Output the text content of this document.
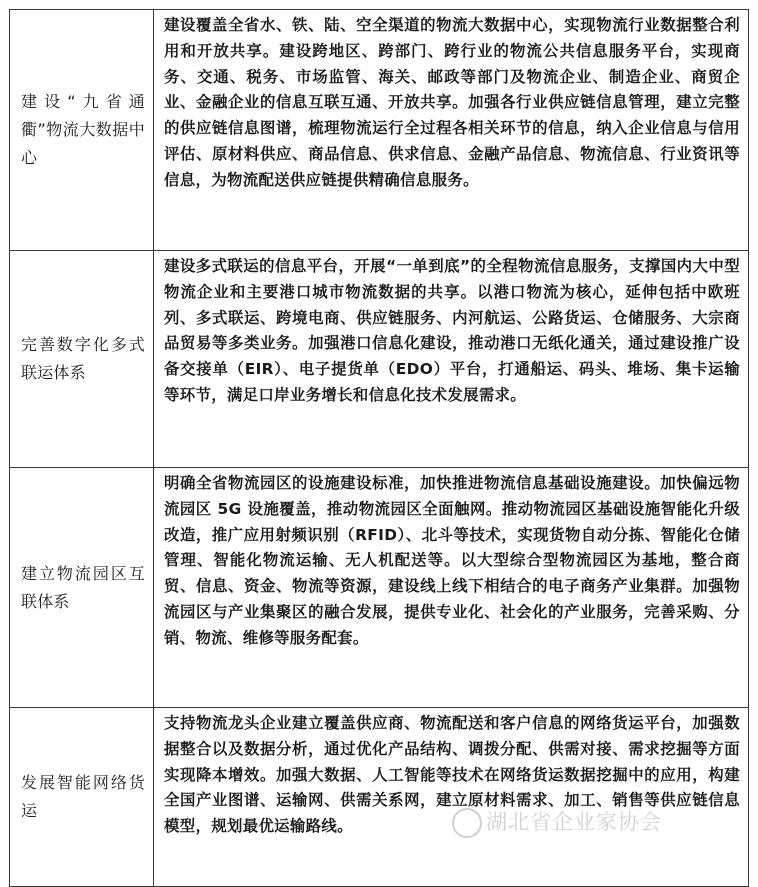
建设“九省通衢”物流大数据中心	建设覆盖全省水、铁、陆、空全渠道的物流大数据中心，实现物流行业数据整合利用和开放共享。建设跨地区、跨部门、跨行业的物流公共信息服务平台，实现商务、交通、税务、市场监管、海关、邮政等部门及物流企业、制造企业、商贸企业、金融企业的信息互联互通、开放共享。加强各行业供应链信息管理，建立完整的供应链信息图谱，梳理物流运行全过程各相关环节的信息，纳入企业信息与信用评估、原材料供应、商品信息、供求信息、金融产品信息、物流信息、行业资讯等信息，为物流配送供应链提供精确信息服务。
完善数字化多式联运体系	建设多式联运的信息平台，开展“一单到底”的全程物流信息服务，支撑国内大中型物流企业和主要港口城市物流数据的共享。以港口物流为核心，延伸包括中欧班列、多式联运、跨境电商、供应链服务、内河航运、公路货运、仓储服务、大宗商品贸易等多类业务。加强港口信息化建设，推动港口无纸化通关，通过建设推广设备交接单（EIR）、电子提货单（EDO）平台，打通船运、码头、堆场、集卡运输等环节，满足口岸业务增长和信息化技术发展需求。
建立物流园区互联体系	明确全省物流园区的设施建设标准，加快推进物流信息基础设施建设。加快偏远物流园区 5G 设施覆盖，推动物流园区全面触网。推动物流园区基础设施智能化升级改造，推广应用射频识别（RFID）、北斗等技术，实现货物自动分拣、智能化仓储管理、智能化物流运输、无人机配送等。以大型综合型物流园区为基地，整合商贸、信息、资金、物流等资源，建设线上线下相结合的电子商务产业集群。加强物流园区与产业集聚区的融合发展，提供专业化、社会化的产业服务，完善采购、分销、物流、维修等服务配套。
发展智能网络货运	支持物流龙头企业建立覆盖供应商、物流配送和客户信息的网络货运平台，加强数据整合以及数据分析，通过优化产品结构、调拨分配、供需对接、需求挖掘等方面实现降本增效。加强大数据、人工智能等技术在网络货运数据挖掘中的应用，构建全国产业图谱、运输网、供需关系网，建立原材料需求、加工、销售等供应链信息模型，规划最优运输路线。	湖北省企业家协会
